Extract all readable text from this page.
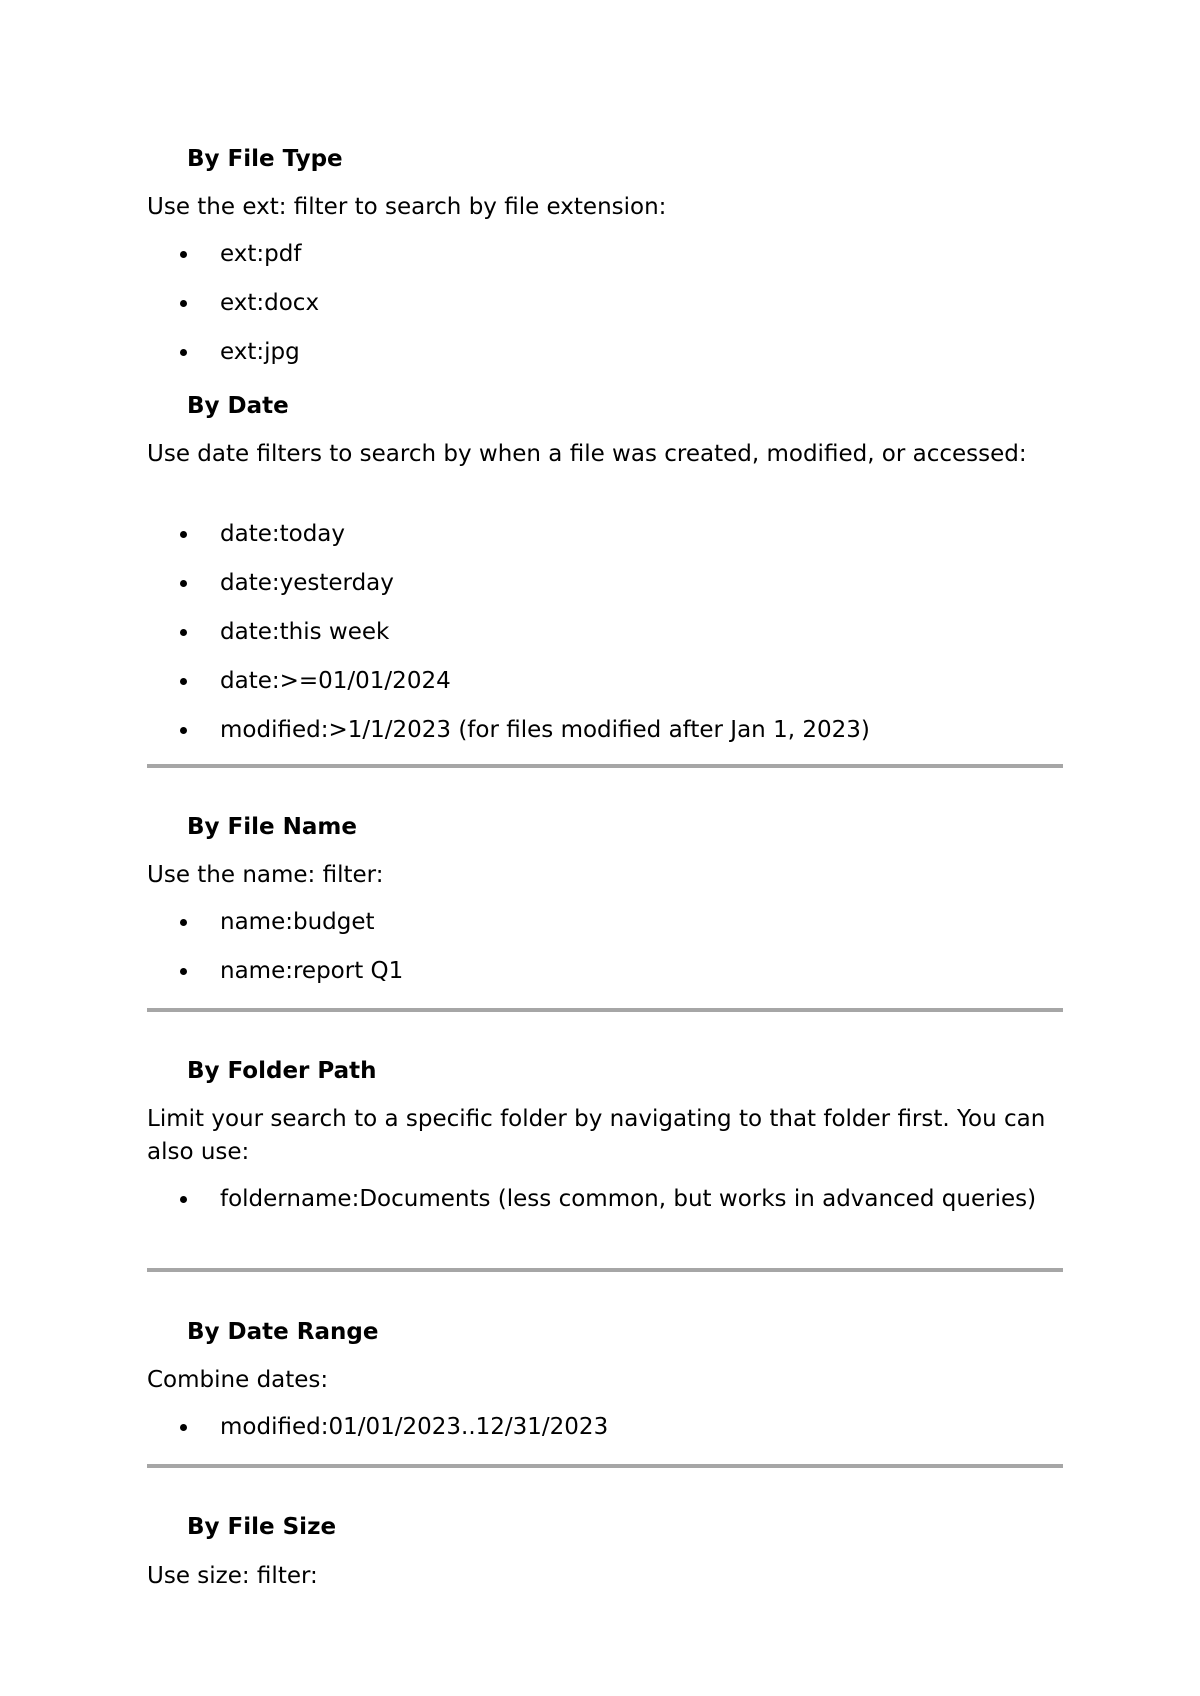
By File Type

Use the ext: filter to search by file extension:

ext:pdf
ext:docx
ext:jpg
By Date

Use date filters to search by when a file was created, modified, or accessed:

date:today
date:yesterday
date:this week
date:>=01/01/2024
modified:>1/1/2023 (for files modified after Jan 1, 2023)
By File Name

Use the name: filter:

name:budget
name:report Q1
By Folder Path

Limit your search to a specific folder by navigating to that folder first. You can also use:

foldername:Documents (less common, but works in advanced queries)
By Date Range

Combine dates:

modified:01/01/2023..12/31/2023
By File Size

Use size: filter:
